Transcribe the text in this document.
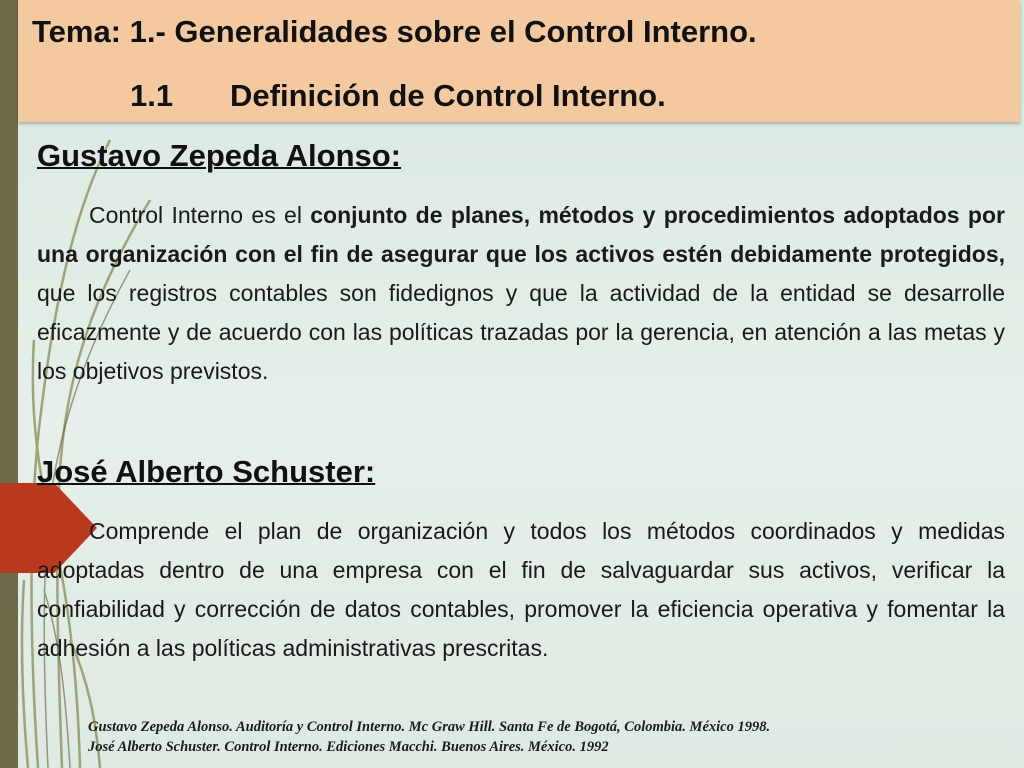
Tema: 1.- Generalidades sobre el Control Interno.
1.1 Definición de Control Interno.
Gustavo Zepeda Alonso:

Control Interno es el conjunto de planes, métodos y procedimientos adoptados por una organización con el fin de asegurar que los activos estén debidamente protegidos, que los registros contables son fidedignos y que la actividad de la entidad se desarrolle eficazmente y de acuerdo con las políticas trazadas por la gerencia, en atención a las metas y los objetivos previstos.

José Alberto Schuster:

Comprende el plan de organización y todos los métodos coordinados y medidas adoptadas dentro de una empresa con el fin de salvaguardar sus activos, verificar la confiabilidad y corrección de datos contables, promover la eficiencia operativa y fomentar la adhesión a las políticas administrativas prescritas.

Gustavo Zepeda Alonso. Auditoría y Control Interno. Mc Graw Hill. Santa Fe de Bogotá, Colombia. México 1998.
José Alberto Schuster. Control Interno. Ediciones Macchi. Buenos Aires. México. 1992
